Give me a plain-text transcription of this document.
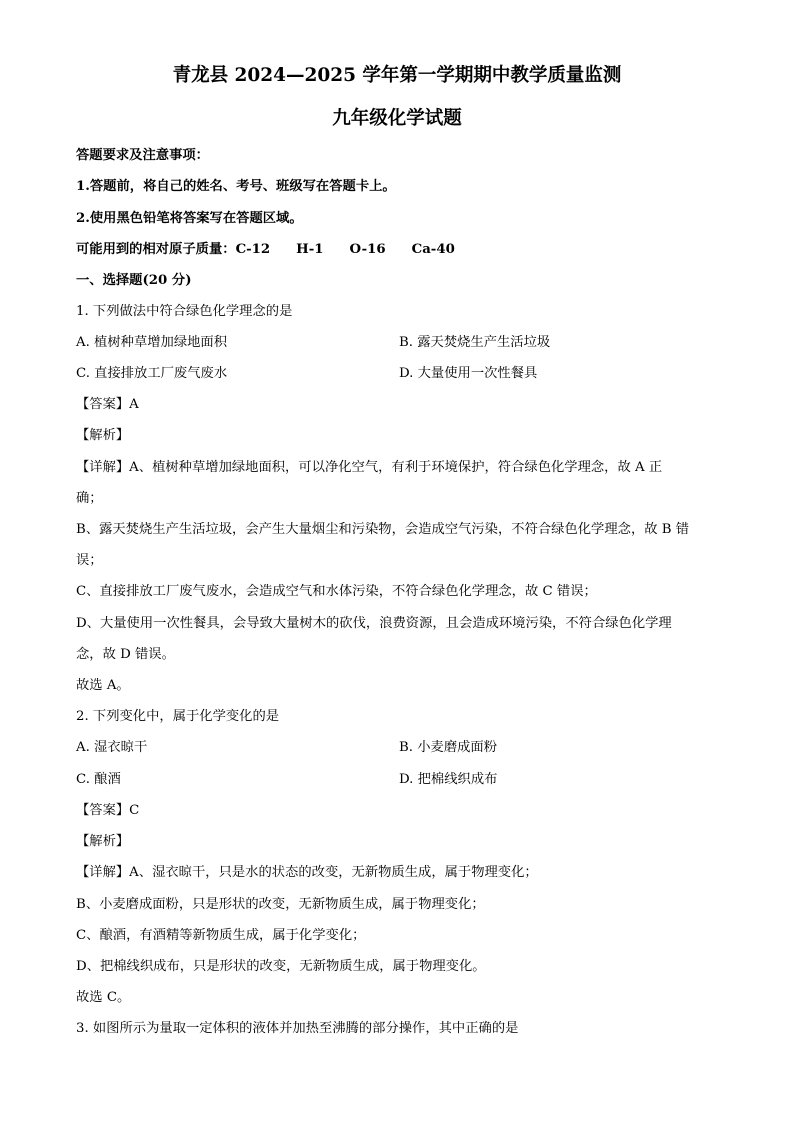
青龙县 2024—2025 学年第一学期期中教学质量监测
九年级化学试题
答题要求及注意事项：
1.答题前，将自己的姓名、考号、班级写在答题卡上。
2.使用黑色铅笔将答案写在答题区域。
可能用到的相对原子质量：C-12 H-1 O-16 Ca-40
一、选择题(20 分)
1. 下列做法中符合绿色化学理念的是
A. 植树种草增加绿地面积	B. 露天焚烧生产生活垃圾
C. 直接排放工厂废气废水	D. 大量使用一次性餐具
【答案】A
【解析】
【详解】A、植树种草增加绿地面积，可以净化空气，有利于环境保护，符合绿色化学理念，故 A 正
确；
B、露天焚烧生产生活垃圾，会产生大量烟尘和污染物，会造成空气污染，不符合绿色化学理念，故 B 错
误；
C、直接排放工厂废气废水，会造成空气和水体污染，不符合绿色化学理念，故 C 错误；
D、大量使用一次性餐具，会导致大量树木的砍伐，浪费资源，且会造成环境污染，不符合绿色化学理
念，故 D 错误。
故选 A。
2. 下列变化中，属于化学变化的是
A. 湿衣晾干	B. 小麦磨成面粉
C. 酿酒	D. 把棉线织成布
【答案】C
【解析】
【详解】A、湿衣晾干，只是水的状态的改变，无新物质生成，属于物理变化；
B、小麦磨成面粉，只是形状的改变，无新物质生成，属于物理变化；
C、酿酒，有酒精等新物质生成，属于化学变化；
D、把棉线织成布，只是形状的改变，无新物质生成，属于物理变化。
故选 C。
3. 如图所示为量取一定体积的液体并加热至沸腾的部分操作，其中正确的是
